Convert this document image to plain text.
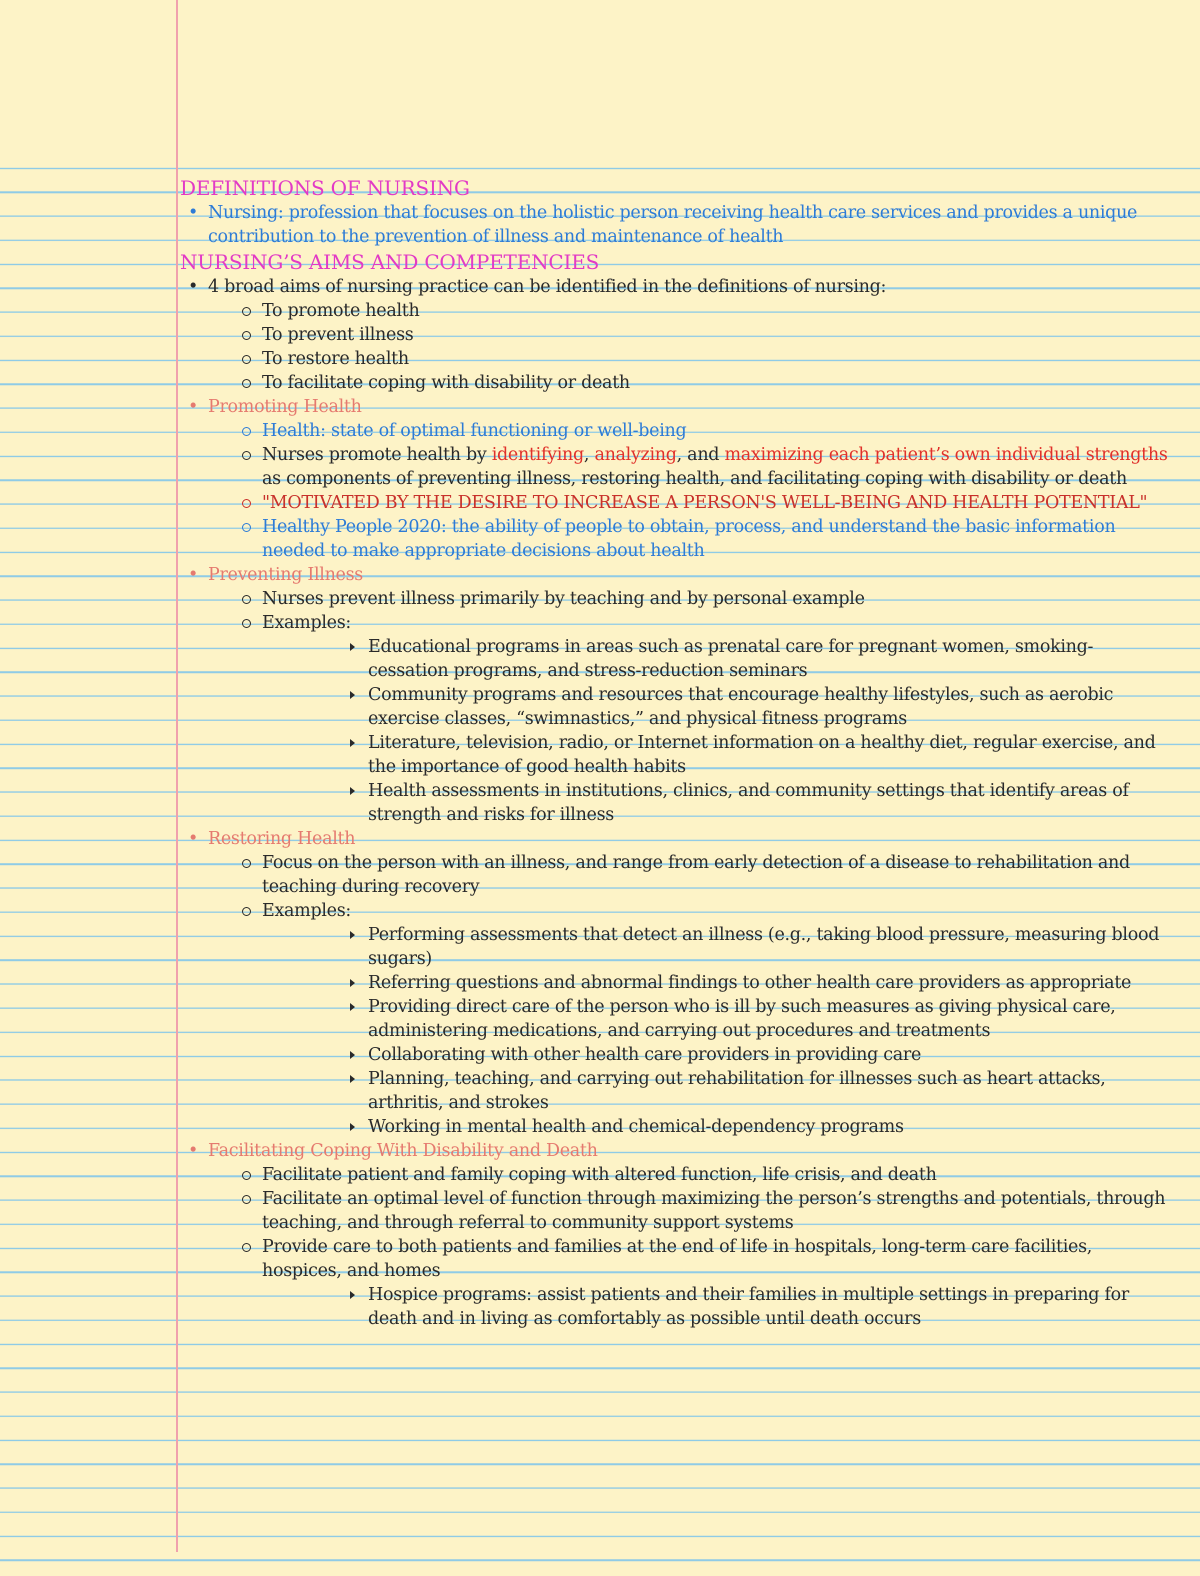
DEFINITIONS OF NURSING
• Nursing: profession that focuses on the holistic person receiving health care services and provides a unique contribution to the prevention of illness and maintenance of health
NURSING’S AIMS AND COMPETENCIES
• 4 broad aims of nursing practice can be identified in the definitions of nursing:
To promote health
To prevent illness
To restore health
To facilitate coping with disability or death
• Promoting Health
Health: state of optimal functioning or well-being
Nurses promote health by identifying, analyzing, and maximizing each patient’s own individual strengths as components of preventing illness, restoring health, and facilitating coping with disability or death
"MOTIVATED BY THE DESIRE TO INCREASE A PERSON'S WELL-BEING AND HEALTH POTENTIAL"
Healthy People 2020: the ability of people to obtain, process, and understand the basic information needed to make appropriate decisions about health
• Preventing Illness
Nurses prevent illness primarily by teaching and by personal example
Examples:
Educational programs in areas such as prenatal care for pregnant women, smoking-cessation programs, and stress-reduction seminars
Community programs and resources that encourage healthy lifestyles, such as aerobic exercise classes, “swimnastics,” and physical fitness programs
Literature, television, radio, or Internet information on a healthy diet, regular exercise, and the importance of good health habits
Health assessments in institutions, clinics, and community settings that identify areas of strength and risks for illness
• Restoring Health
Focus on the person with an illness, and range from early detection of a disease to rehabilitation and teaching during recovery
Examples:
Performing assessments that detect an illness (e.g., taking blood pressure, measuring blood sugars)
Referring questions and abnormal findings to other health care providers as appropriate
Providing direct care of the person who is ill by such measures as giving physical care, administering medications, and carrying out procedures and treatments
Collaborating with other health care providers in providing care
Planning, teaching, and carrying out rehabilitation for illnesses such as heart attacks, arthritis, and strokes
Working in mental health and chemical-dependency programs
• Facilitating Coping With Disability and Death
Facilitate patient and family coping with altered function, life crisis, and death
Facilitate an optimal level of function through maximizing the person’s strengths and potentials, through teaching, and through referral to community support systems
Provide care to both patients and families at the end of life in hospitals, long-term care facilities, hospices, and homes
Hospice programs: assist patients and their families in multiple settings in preparing for death and in living as comfortably as possible until death occurs
